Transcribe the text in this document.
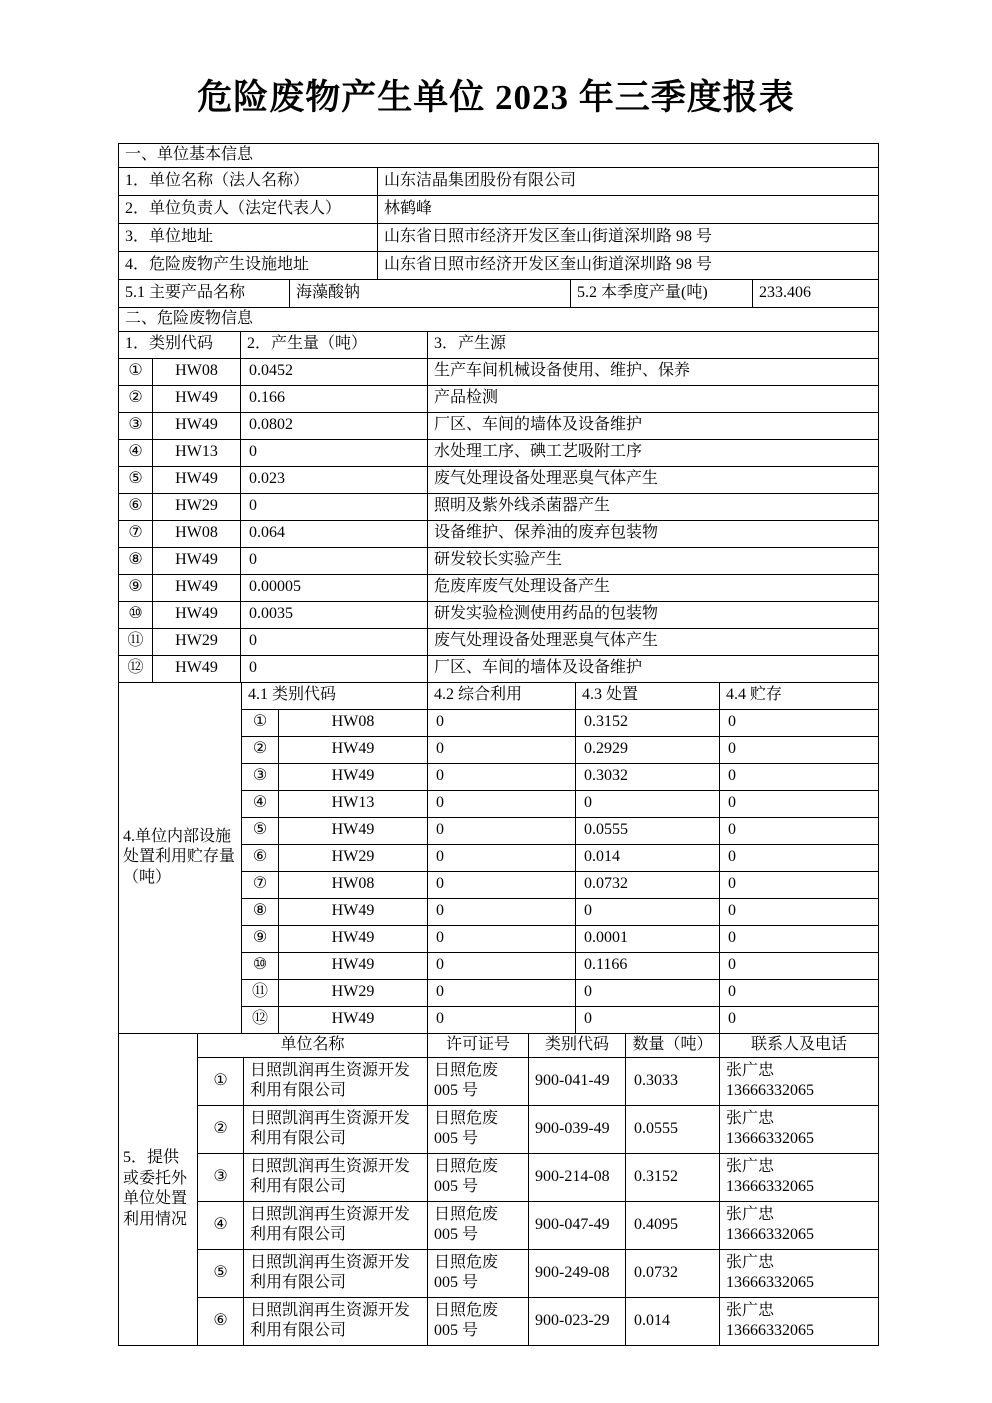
危险废物产生单位 2023 年三季度报表
一、单位基本信息				
1．单位名称（法人名称）		山东洁晶集团股份有限公司		
2．单位负责人（法定代表人）		林鹤峰		
3．单位地址		山东省日照市经济开发区奎山街道深圳路 98 号		
4．危险废物产生设施地址		山东省日照市经济开发区奎山街道深圳路 98 号		
5.1 主要产品名称	海藻酸钠		5.2 本季度产量(吨)	233.406
二、危险废物信息			
1．类别代码		2．产生量（吨）	3．产生源
①	HW08	0.0452	生产车间机械设备使用、维护、保养
②	HW49	0.166	产品检测
③	HW49	0.0802	厂区、车间的墙体及设备维护
④	HW13	0	水处理工序、碘工艺吸附工序
⑤	HW49	0.023	废气处理设备处理恶臭气体产生
⑥	HW29	0	照明及紫外线杀菌器产生
⑦	HW08	0.064	设备维护、保养油的废弃包装物
⑧	HW49	0	研发较长实验产生
⑨	HW49	0.00005	危废库废气处理设备产生
⑩	HW49	0.0035	研发实验检测使用药品的包装物
⑪	HW29	0	废气处理设备处理恶臭气体产生
⑫	HW49	0	厂区、车间的墙体及设备维护
4.单位内部设施处置利用贮存量（吨）	4.1 类别代码		4.2 综合利用	4.3 处置	4.4 贮存
	①	HW08	0	0.3152	0
	②	HW49	0	0.2929	0
	③	HW49	0	0.3032	0
	④	HW13	0	0	0
	⑤	HW49	0	0.0555	0
	⑥	HW29	0	0.014	0
	⑦	HW08	0	0.0732	0
	⑧	HW49	0	0	0
	⑨	HW49	0	0.0001	0
	⑩	HW49	0	0.1166	0
	⑪	HW29	0	0	0
	⑫	HW49	0	0	0
5．提供或委托外单位处置利用情况	单位名称		许可证号	类别代码	数量（吨）	联系人及电话
	①	日照凯润再生资源开发利用有限公司	日照危废 005 号	900-041-49	0.3033	张广忠
13666332065

	②	日照凯润再生资源开发利用有限公司	日照危废 005 号	900-039-49	0.0555	张广忠
13666332065

	③	日照凯润再生资源开发利用有限公司	日照危废 005 号	900-214-08	0.3152	张广忠
13666332065

	④	日照凯润再生资源开发利用有限公司	日照危废 005 号	900-047-49	0.4095	张广忠
13666332065

	⑤	日照凯润再生资源开发利用有限公司	日照危废 005 号	900-249-08	0.0732	张广忠
13666332065

	⑥	日照凯润再生资源开发利用有限公司	日照危废 005 号	900-023-29	0.014	张广忠
13666332065
